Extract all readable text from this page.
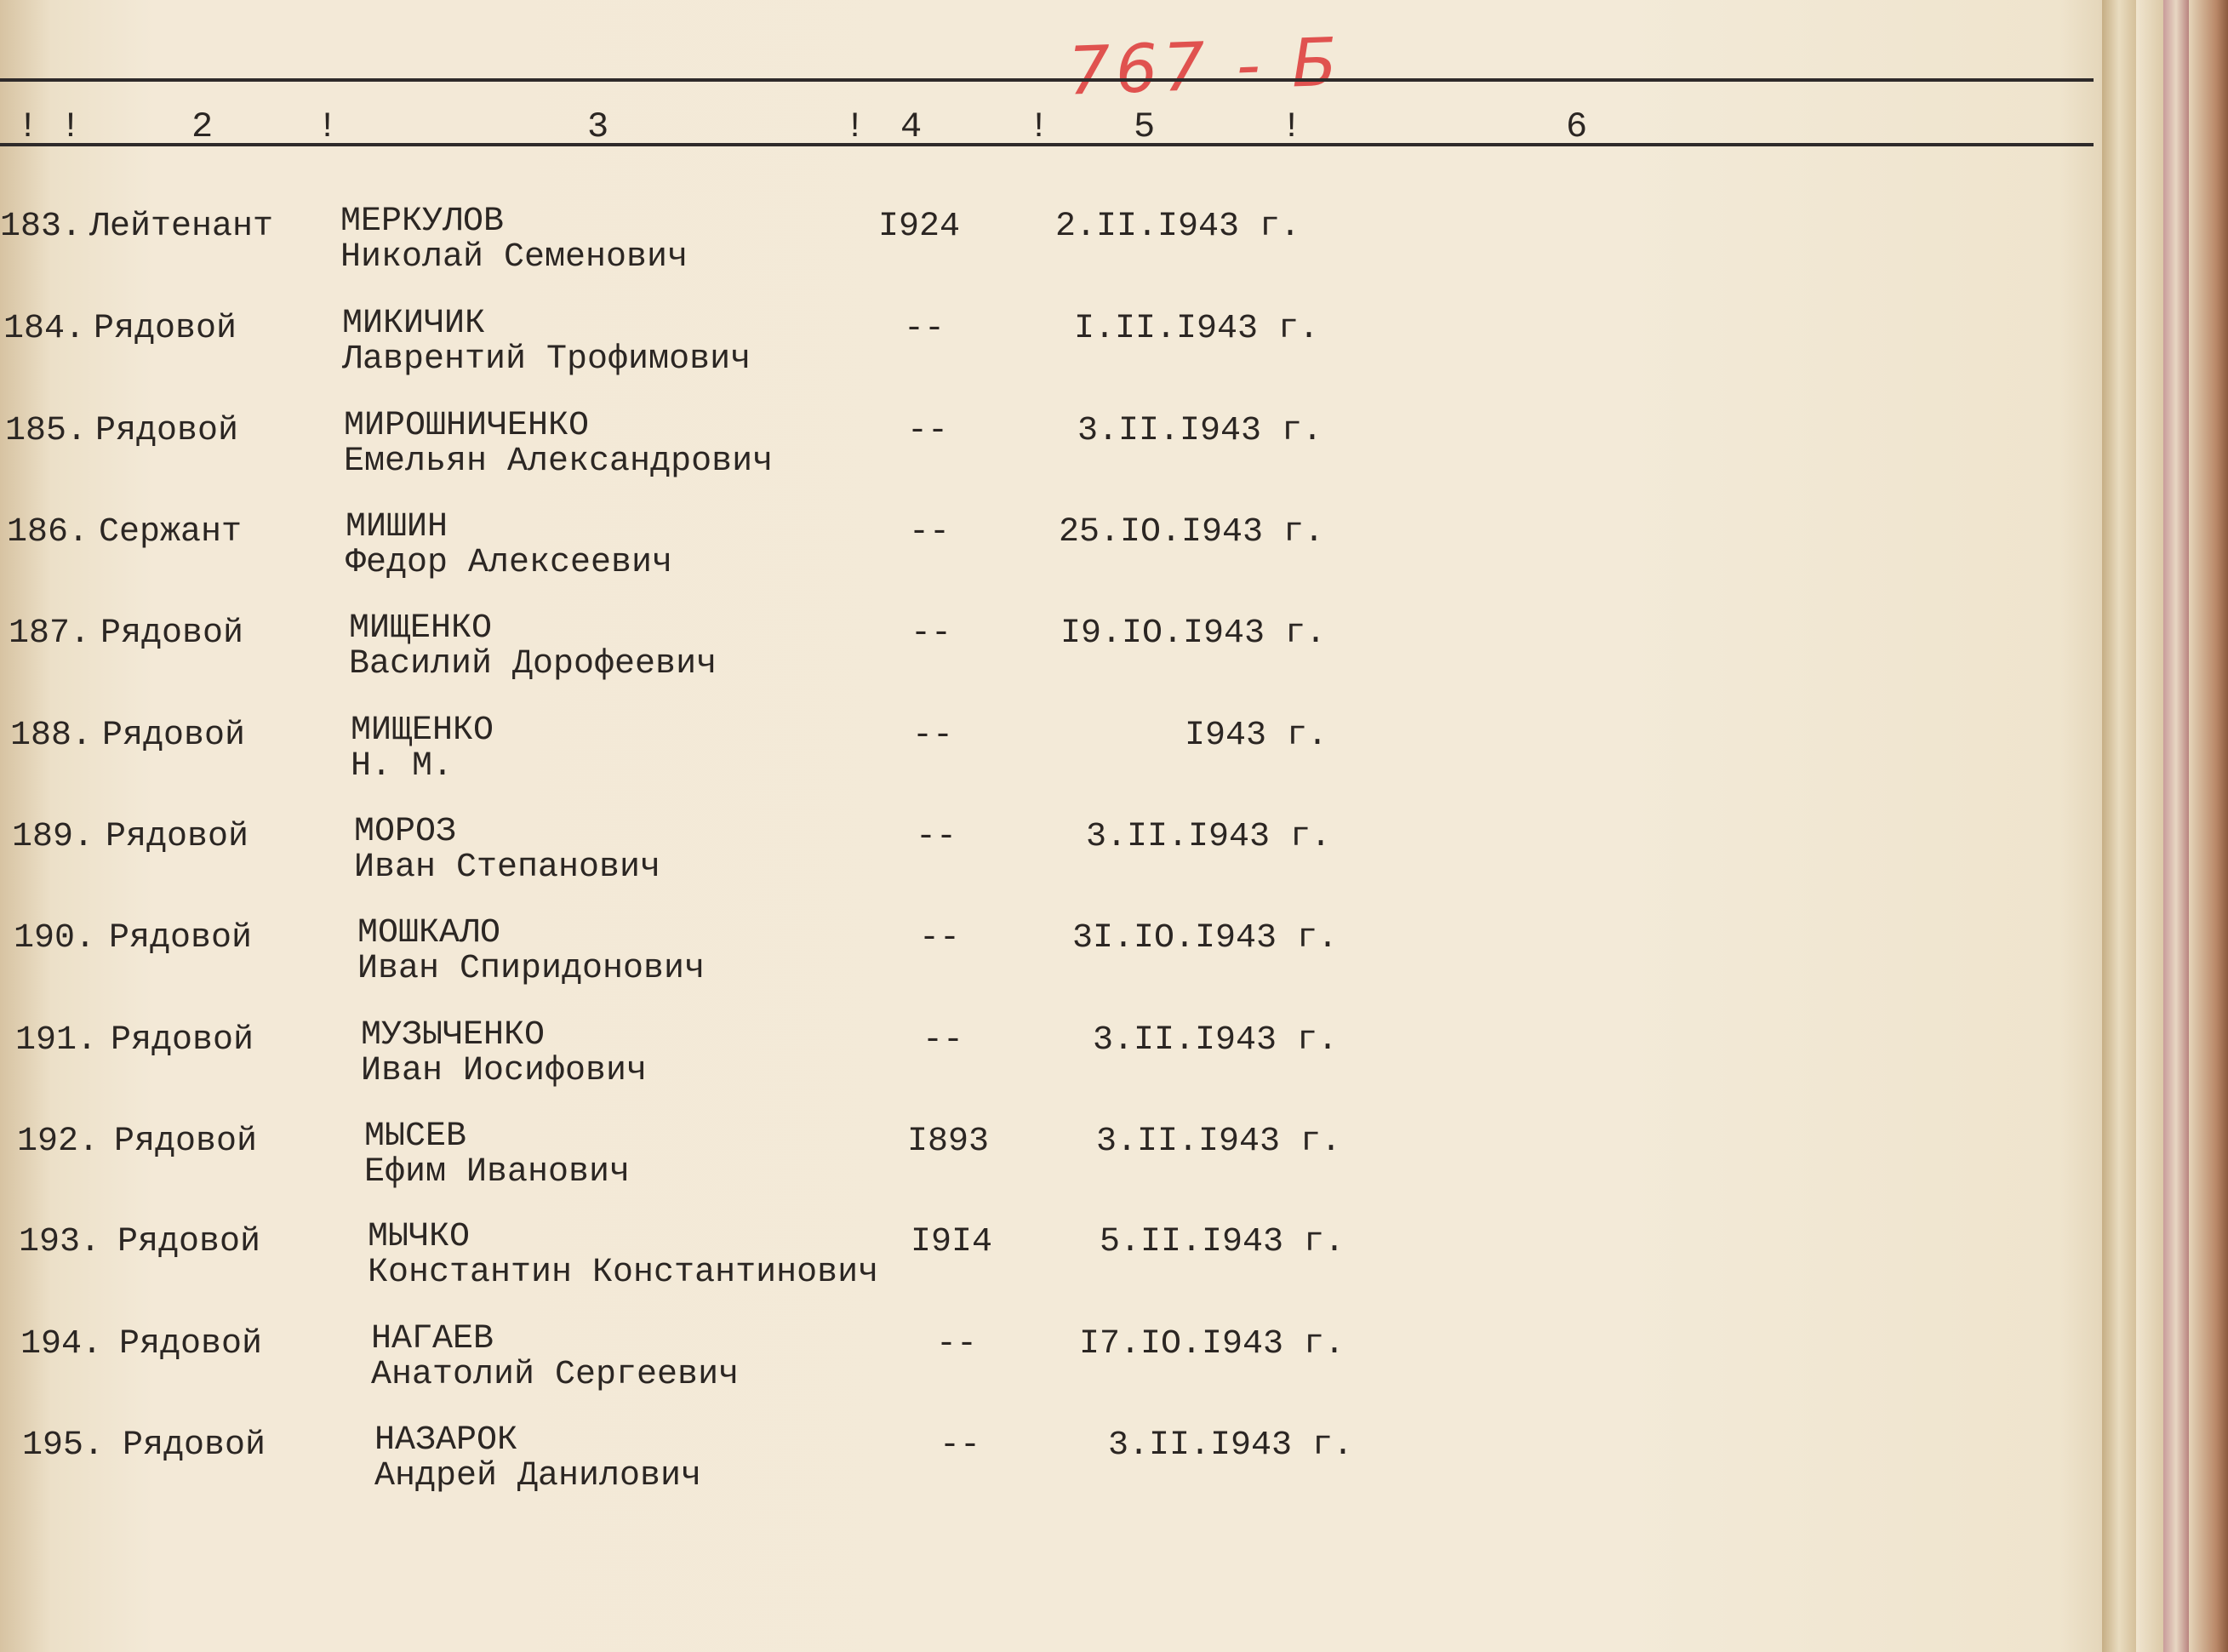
767 - Б
! !	2	!	3	! 4	! 5	!	6
183. Лейтенант МЕРКУЛОВ
Николай Семенович
I924	2.II.I943 г.
184. Рядовой	МИКИЧИК
Лаврентий Трофимович
--	I.II.I943 г.
185. Рядовой	МИРОШНИЧЕНКО
Емельян Александрович
--	3.II.I943 г.
186. Сержант	МИШИН
Федор Алексеевич
--	25.IO.I943 г.
187. Рядовой	МИЩЕНКО
Василий Дорофеевич
--	I9.IO.I943 г.
188. Рядовой	МИЩЕНКО
Н. М.
--	I943 г.
189. Рядовой	МОРОЗ
Иван Степанович
--	3.II.I943 г.
190. Рядовой	МОШКАЛО
Иван Спиридонович
--	3I.IO.I943 г.
191. Рядовой	МУЗЫЧЕНКО
Иван Иосифович
--	3.II.I943 г.
192. Рядовой	МЫСЕВ
Ефим Иванович
I893	3.II.I943 г.
193. Рядовой	МЫЧКО
Константин Константинович
I9I4	5.II.I943 г.
194. Рядовой	НАГАЕВ
Анатолий Сергеевич
--	I7.IO.I943 г.
195. Рядовой	НАЗАРОК
Андрей Данилович
--	3.II.I943 г.
